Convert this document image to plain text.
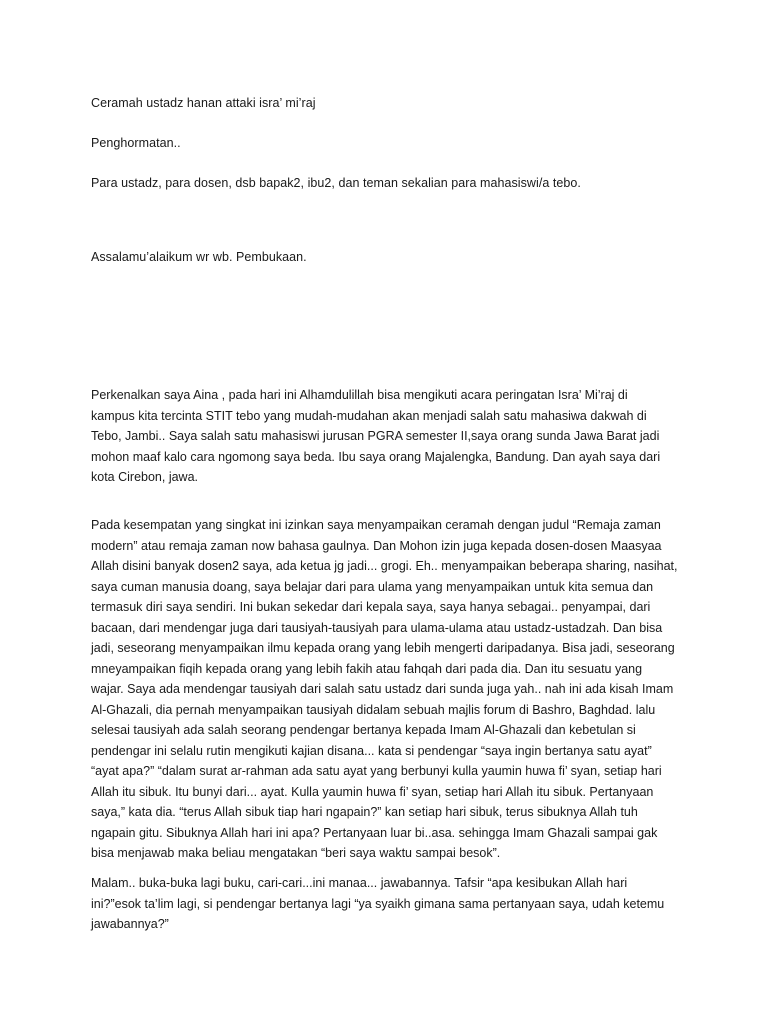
Ceramah ustadz hanan attaki isra’ mi’raj

Penghormatan..

Para ustadz, para dosen, dsb bapak2, ibu2, dan teman sekalian para mahasiswi/a tebo.

Assalamu’alaikum wr wb. Pembukaan.

Perkenalkan saya Aina , pada hari ini Alhamdulillah bisa mengikuti acara peringatan Isra’ Mi’raj di
kampus kita tercinta STIT tebo yang mudah-mudahan akan menjadi salah satu mahasiwa dakwah di
Tebo, Jambi.. Saya salah satu mahasiswi jurusan PGRA semester II,saya orang sunda Jawa Barat jadi
mohon maaf kalo cara ngomong saya beda. Ibu saya orang Majalengka, Bandung. Dan ayah saya dari
kota Cirebon, jawa.
Pada kesempatan yang singkat ini izinkan saya menyampaikan ceramah dengan judul “Remaja zaman
modern” atau remaja zaman now bahasa gaulnya. Dan Mohon izin juga kepada dosen-dosen Maasyaa
Allah disini banyak dosen2 saya, ada ketua jg jadi... grogi. Eh.. menyampaikan beberapa sharing, nasihat,
saya cuman manusia doang, saya belajar dari para ulama yang menyampaikan untuk kita semua dan
termasuk diri saya sendiri. Ini bukan sekedar dari kepala saya, saya hanya sebagai.. penyampai, dari
bacaan, dari mendengar juga dari tausiyah-tausiyah para ulama-ulama atau ustadz-ustadzah. Dan bisa
jadi, seseorang menyampaikan ilmu kepada orang yang lebih mengerti daripadanya. Bisa jadi, seseorang
mneyampaikan fiqih kepada orang yang lebih fakih atau fahqah dari pada dia. Dan itu sesuatu yang
wajar. Saya ada mendengar tausiyah dari salah satu ustadz dari sunda juga yah.. nah ini ada kisah Imam
Al-Ghazali, dia pernah menyampaikan tausiyah didalam sebuah majlis forum di Bashro, Baghdad. lalu
selesai tausiyah ada salah seorang pendengar bertanya kepada Imam Al-Ghazali dan kebetulan si
pendengar ini selalu rutin mengikuti kajian disana... kata si pendengar “saya ingin bertanya satu ayat”
“ayat apa?” “dalam surat ar-rahman ada satu ayat yang berbunyi kulla yaumin huwa fi’ syan, setiap hari
Allah itu sibuk. Itu bunyi dari... ayat. Kulla yaumin huwa fi’ syan, setiap hari Allah itu sibuk. Pertanyaan
saya,” kata dia. “terus Allah sibuk tiap hari ngapain?” kan setiap hari sibuk, terus sibuknya Allah tuh
ngapain gitu. Sibuknya Allah hari ini apa? Pertanyaan luar bi..asa. sehingga Imam Ghazali sampai gak
bisa menjawab maka beliau mengatakan “beri saya waktu sampai besok”.
Malam.. buka-buka lagi buku, cari-cari...ini manaa... jawabannya. Tafsir “apa kesibukan Allah hari
ini?”esok ta’lim lagi, si pendengar bertanya lagi “ya syaikh gimana sama pertanyaan saya, udah ketemu
jawabannya?”
